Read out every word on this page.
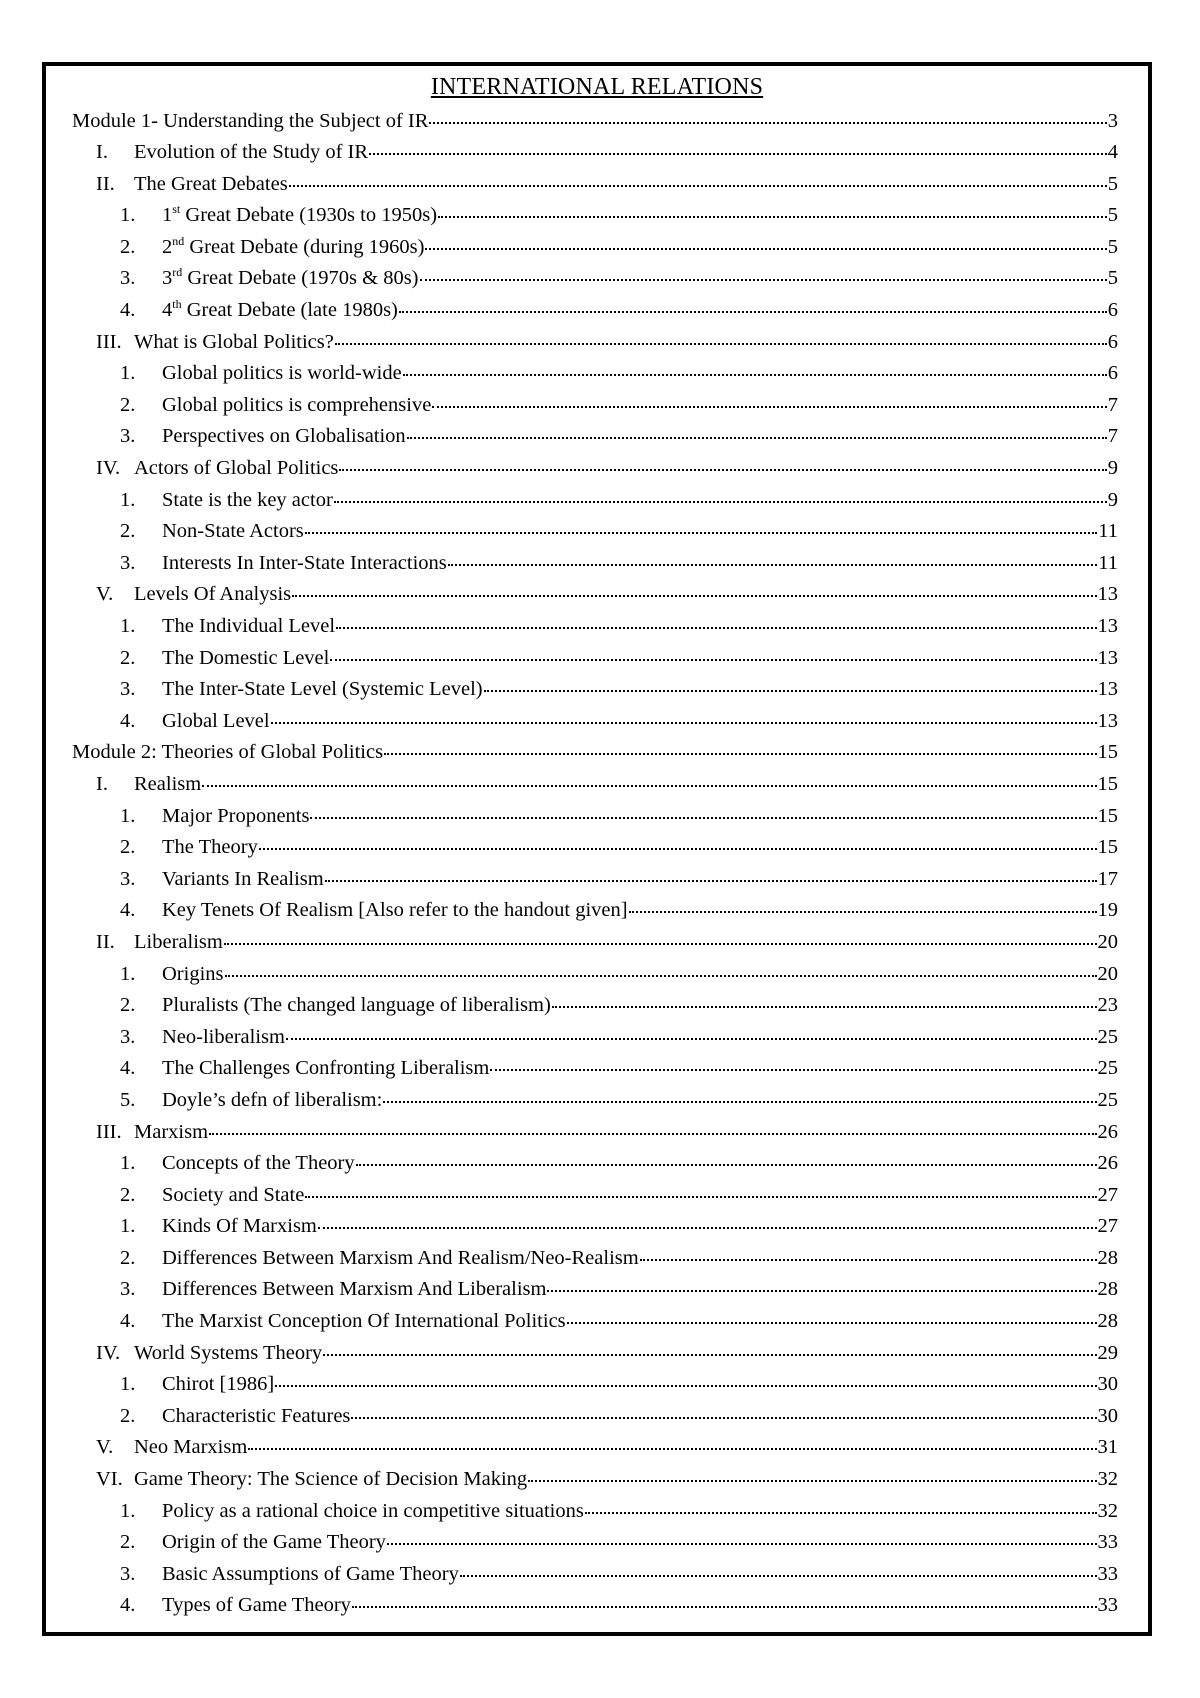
INTERNATIONAL RELATIONS
Module 1- Understanding the Subject of IR	3
I.	Evolution of the Study of IR	4
II. The Great Debates	5
1.	1st Great Debate (1930s to 1950s)	5
2.	2nd Great Debate (during 1960s)	5
3.	3rd Great Debate (1970s & 80s)	5
4.	4th Great Debate (late 1980s)	6
III. What is Global Politics?	6
1.	Global politics is world-wide	6
2.	Global politics is comprehensive	7
3.	Perspectives on Globalisation	7
IV. Actors of Global Politics	9
1.	State is the key actor	9
2.	Non-State Actors	11
3.	Interests In Inter-State Interactions	11
V.	Levels Of Analysis	13
1.	The Individual Level	13
2.	The Domestic Level	13
3.	The Inter-State Level (Systemic Level)	13
4.	Global Level	13
Module 2: Theories of Global Politics	15
I.	Realism	15
1.	Major Proponents	15
2.	The Theory	15
3.	Variants In Realism	17
4.	Key Tenets Of Realism [Also refer to the handout given]	19
II. Liberalism	20
1.	Origins	20
2.	Pluralists (The changed language of liberalism)	23
3.	Neo-liberalism	25
4.	The Challenges Confronting Liberalism	25
5.	Doyle’s defn of liberalism:	25
III. Marxism	26
1.	Concepts of the Theory	26
2.	Society and State	27
1.	Kinds Of Marxism	27
2.	Differences Between Marxism And Realism/Neo-Realism	28
3.	Differences Between Marxism And Liberalism	28
4.	The Marxist Conception Of International Politics	28
IV. World Systems Theory	29
1.	Chirot [1986]	30
2.	Characteristic Features	30
V.	Neo Marxism	31
VI. Game Theory: The Science of Decision Making	32
1.	Policy as a rational choice in competitive situations	32
2.	Origin of the Game Theory	33
3.	Basic Assumptions of Game Theory	33
4.	Types of Game Theory	33
